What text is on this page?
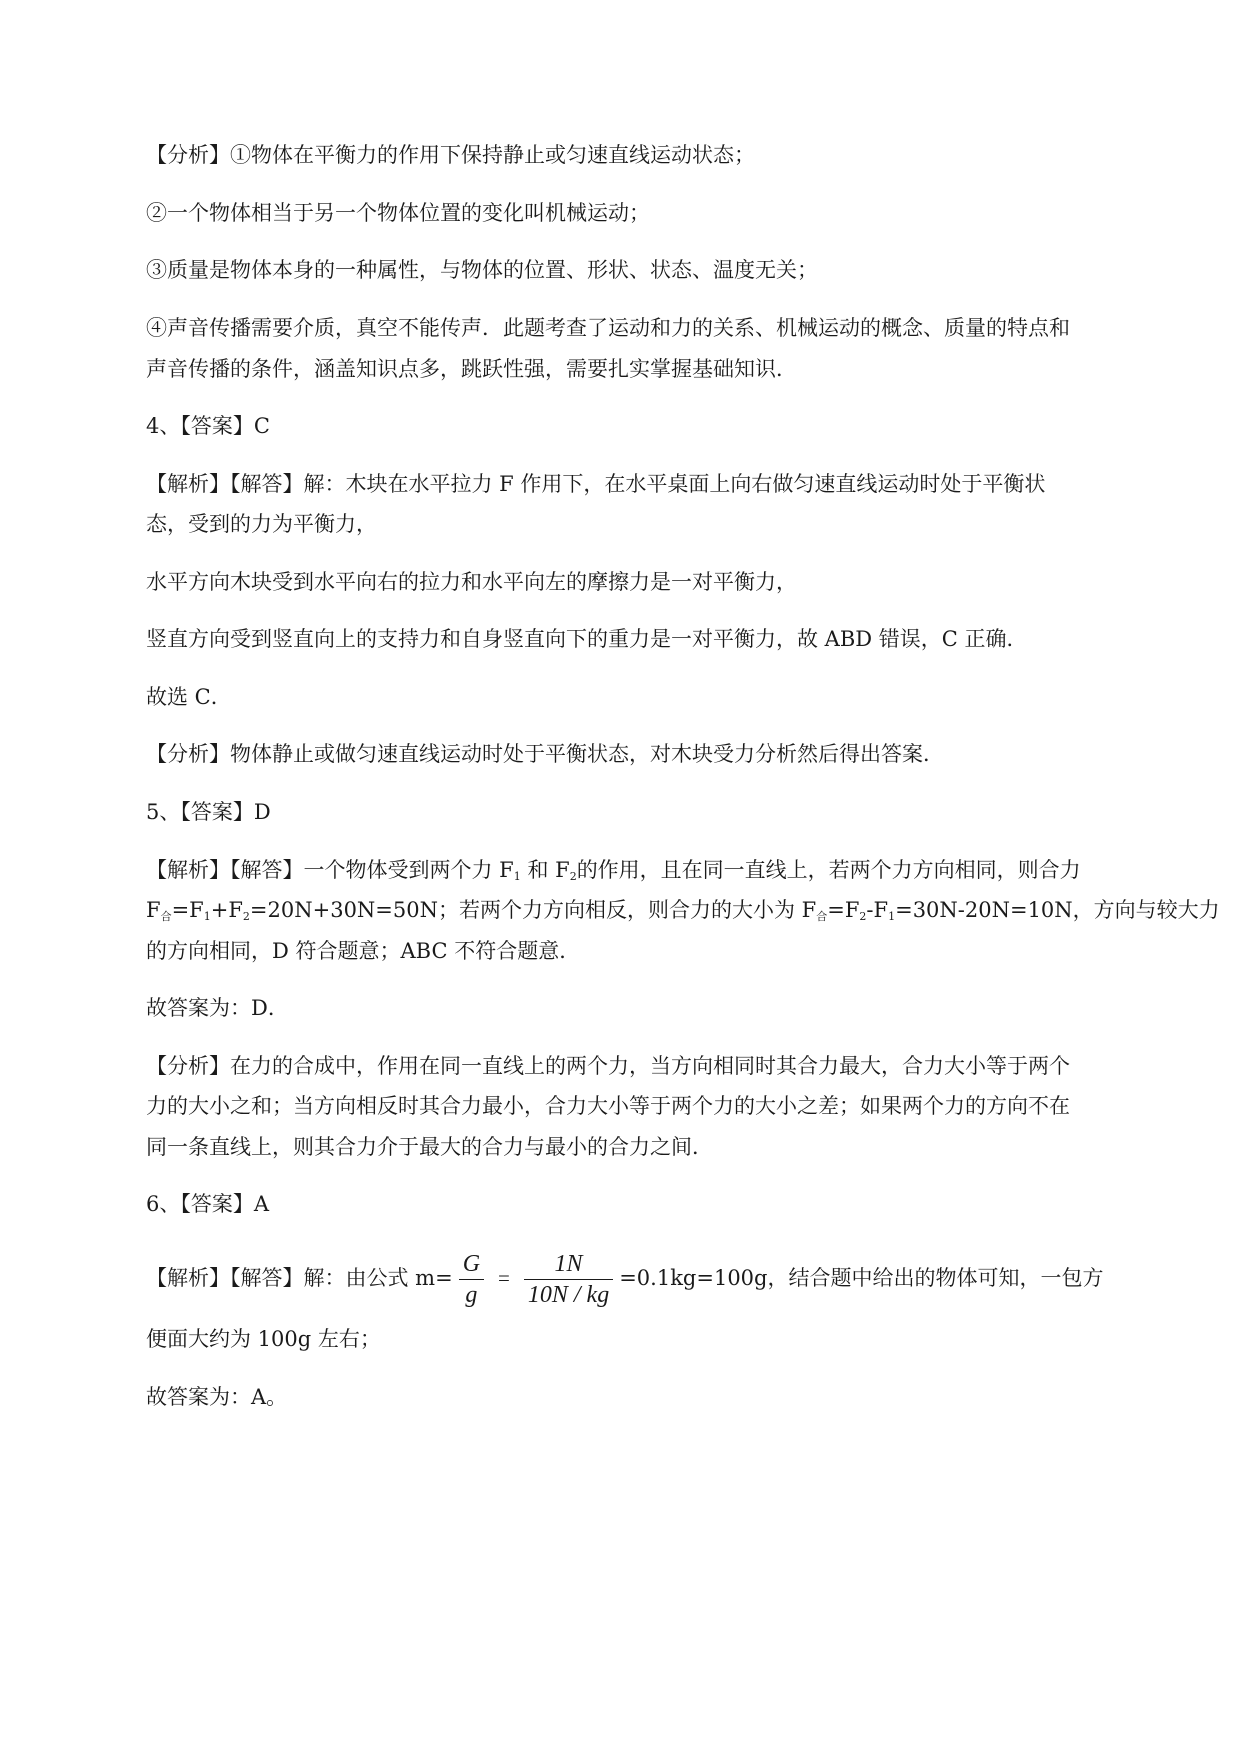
【分析】①物体在平衡力的作用下保持静止或匀速直线运动状态；
②一个物体相当于另一个物体位置的变化叫机械运动；
③质量是物体本身的一种属性，与物体的位置、形状、状态、温度无关；
④声音传播需要介质，真空不能传声．此题考查了运动和力的关系、机械运动的概念、质量的特点和
声音传播的条件，涵盖知识点多，跳跃性强，需要扎实掌握基础知识．
4、【答案】C
【解析】【解答】解：木块在水平拉力 F 作用下，在水平桌面上向右做匀速直线运动时处于平衡状
态，受到的力为平衡力，
水平方向木块受到水平向右的拉力和水平向左的摩擦力是一对平衡力，
竖直方向受到竖直向上的支持力和自身竖直向下的重力是一对平衡力，故 ABD 错误，C 正确．
故选 C．
【分析】物体静止或做匀速直线运动时处于平衡状态，对木块受力分析然后得出答案．
5、【答案】D
【解析】【解答】一个物体受到两个力 $F_1$ 和 $F_2$的作用，且在同一直线上，若两个力方向相同，则合力
$F_合=F_1+F_2=20N+30N=50N$；若两个力方向相反，则合力的大小为 $F_合=F_2-F_1=30N-20N=10N$，方向与较大力
的方向相同，D 符合题意；ABC 不符合题意．
故答案为：D．
【分析】在力的合成中，作用在同一直线上的两个力，当方向相同时其合力最大，合力大小等于两个
力的大小之和；当方向相反时其合力最小，合力大小等于两个力的大小之差；如果两个力的方向不在
同一条直线上，则其合力介于最大的合力与最小的合力之间．
6、【答案】A
【解析】【解答】解：由公式 $m= \frac{G}{g} = \frac{1N}{10N / kg} =0.1kg=100g$，结合题中给出的物体可知，一包方
便面大约为 100g 左右；
故答案为：A。
